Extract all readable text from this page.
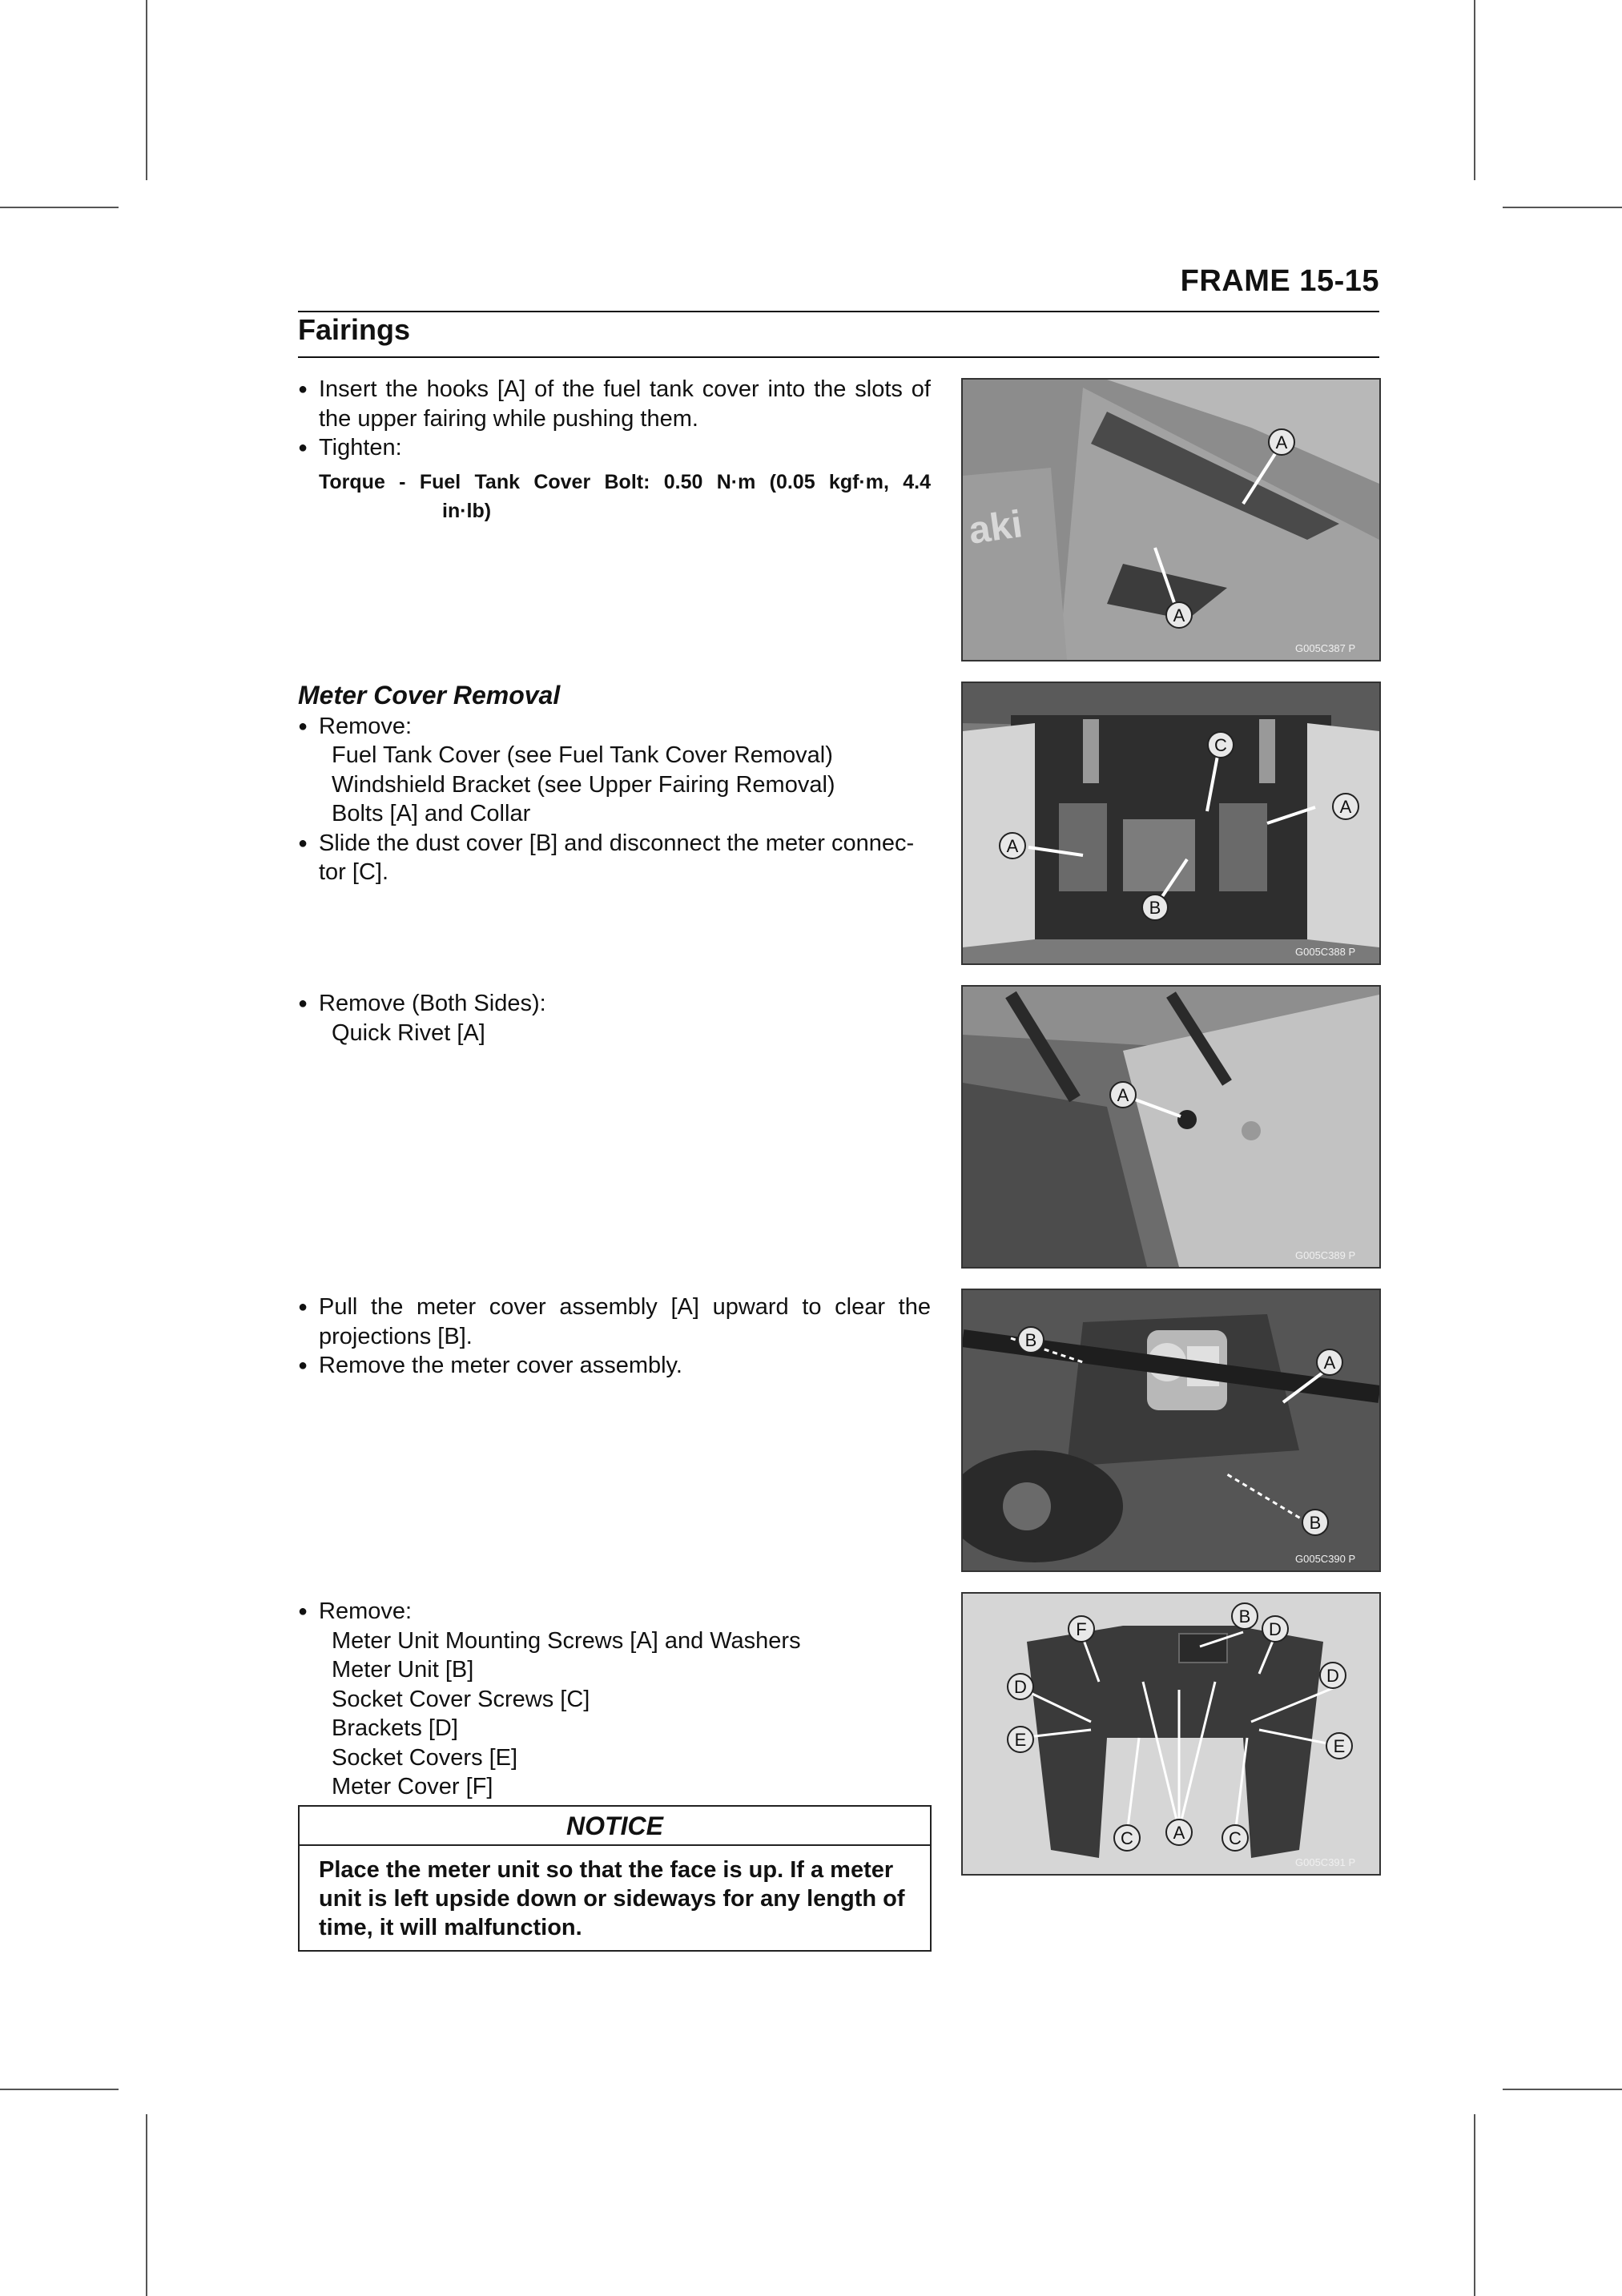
FRAME 15-15
Fairings
● Insert the hooks [A] of the fuel tank cover into the slots of the upper fairing while pushing them.
● Tighten:
Torque - Fuel Tank Cover Bolt: 0.50 N·m (0.05 kgf·m, 4.4
in·lb)
Meter Cover Removal
● Remove:
Fuel Tank Cover (see Fuel Tank Cover Removal)
Windshield Bracket (see Upper Fairing Removal)
Bolts [A] and Collar
● Slide the dust cover [B] and disconnect the meter connec-tor [C].
● Remove (Both Sides):
Quick Rivet [A]
● Pull the meter cover assembly [A] upward to clear the projections [B].
● Remove the meter cover assembly.
● Remove:
Meter Unit Mounting Screws [A] and Washers
Meter Unit [B]
Socket Cover Screws [C]
Brackets [D]
Socket Covers [E]
Meter Cover [F]
NOTICE
Place the meter unit so that the face is up. If a meter unit is left upside down or sideways for any length of time, it will malfunction.
aki
A
A
G005C387 P
C
A
A
B
G005C388 P
A
G005C389 P
B
A
B
G005C390 P
F
B
D
D
D
E	E
C A C
G005C391 P
